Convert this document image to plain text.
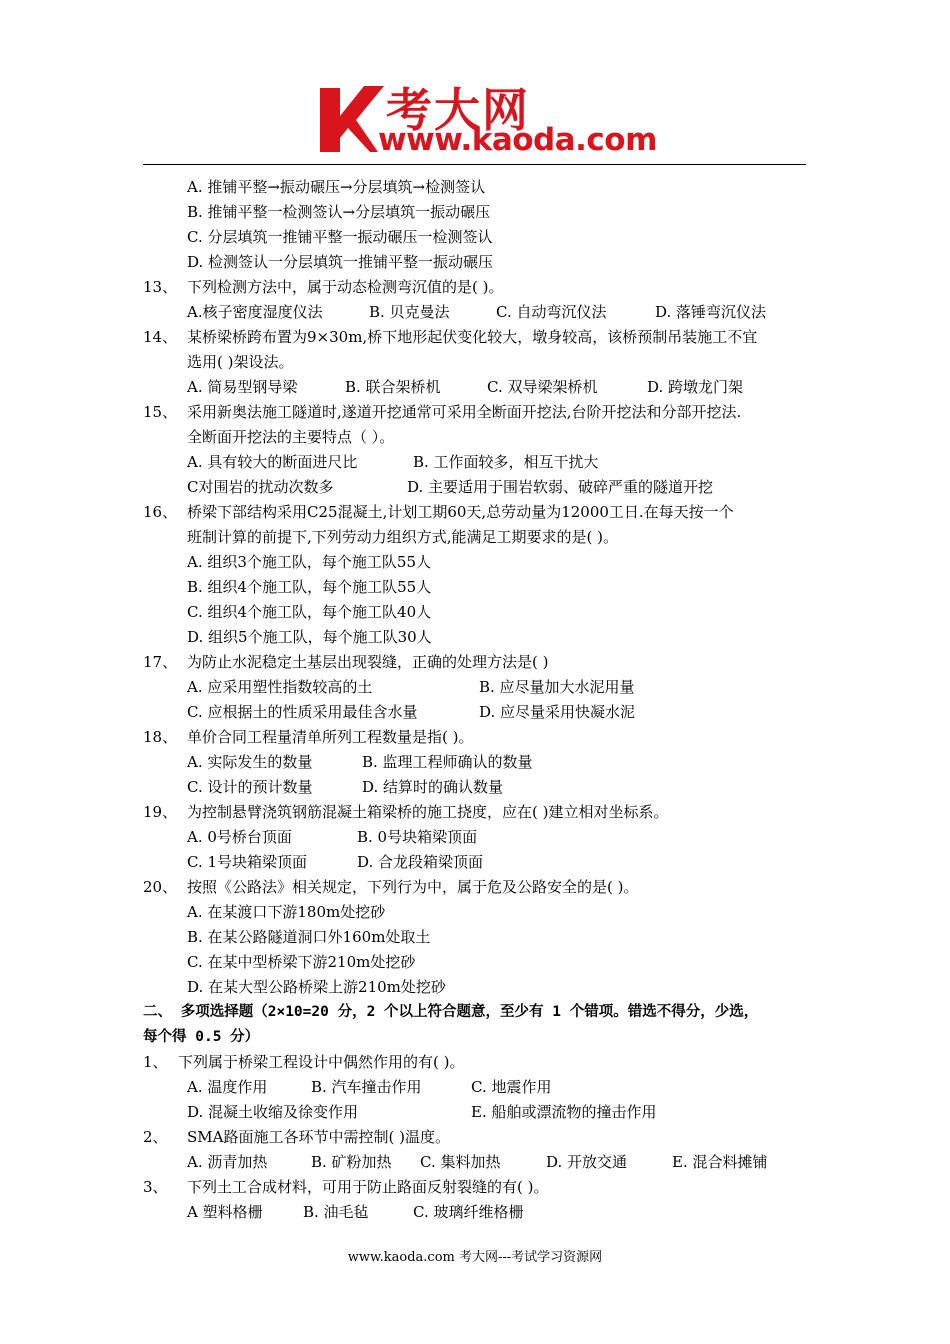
考大网
www.kaoda.com
A. 推铺平整→振动碾压→分层填筑→检测签认
B. 推铺平整一检测签认→分层填筑一振动碾压
C. 分层填筑一推铺平整一振动碾压一检测签认
D. 检测签认一分层填筑一推铺平整一振动碾压
13、 下列检测方法中，属于动态检测弯沉值的是( )。
A.核子密度湿度仪法	B. 贝克曼法	C. 自动弯沉仪法	D. 落锤弯沉仪法
14、 某桥梁桥跨布置为9×30m,桥下地形起伏变化较大，墩身较高，该桥预制吊装施工不宜
选用( )架设法。
A. 简易型钢导梁	B. 联合架桥机	C. 双导梁架桥机	D. 跨墩龙门架
15、 采用新奥法施工隧道时,遂道开挖通常可采用全断面开挖法,台阶开挖法和分部开挖法.
全断面开挖法的主要特点（ ）。
A. 具有较大的断面进尺比	B. 工作面较多，相互干扰大
C对围岩的扰动次数多	D. 主要适用于围岩软弱、破碎严重的隧道开挖
16、 桥梁下部结构采用C25混凝土,计划工期60天,总劳动量为12000工日.在每天按一个
班制计算的前提下,下列劳动力组织方式,能满足工期要求的是( )。
A. 组织3个施工队，每个施工队55人
B. 组织4个施工队，每个施工队55人
C. 组织4个施工队，每个施工队40人
D. 组织5个施工队，每个施工队30人
17、 为防止水泥稳定土基层出现裂缝，正确的处理方法是( )
A. 应采用塑性指数较高的土	B. 应尽量加大水泥用量
C. 应根据土的性质采用最佳含水量	D. 应尽量采用快凝水泥
18、 单价合同工程量清单所列工程数量是指( )。
A. 实际发生的数量	B. 监理工程师确认的数量
C. 设计的预计数量	D. 结算时的确认数量
19、 为控制悬臂浇筑钢筋混凝土箱梁桥的施工挠度，应在( )建立相对坐标系。
A. 0号桥台顶面	B. 0号块箱梁顶面
C. 1号块箱梁顶面	D. 合龙段箱梁顶面
20、 按照《公路法》相关规定，下列行为中，属于危及公路安全的是( )。
A. 在某渡口下游180m处挖砂
B. 在某公路隧道洞口外160m处取土
C. 在某中型桥梁下游210m处挖砂
D. 在某大型公路桥梁上游210m处挖砂
二、 多项选择题（2×10=20 分，2 个以上符合题意，至少有 1 个错项。错选不得分，少选，
每个得 0.5 分）
1、 下列属于桥梁工程设计中偶然作用的有( )。
A. 温度作用	B. 汽车撞击作用	C. 地震作用
D. 混凝土收缩及徐变作用	E. 船舶或漂流物的撞击作用
2、 SMA路面施工各环节中需控制( )温度。
A. 沥青加热	B. 矿粉加热 C. 集料加热	D. 开放交通	E. 混合料摊铺
3、 下列土工合成材料，可用于防止路面反射裂缝的有( )。
A 塑料格栅	B. 油毛毡	C. 玻璃纤维格栅
www.kaoda.com 考大网---考试学习资源网
